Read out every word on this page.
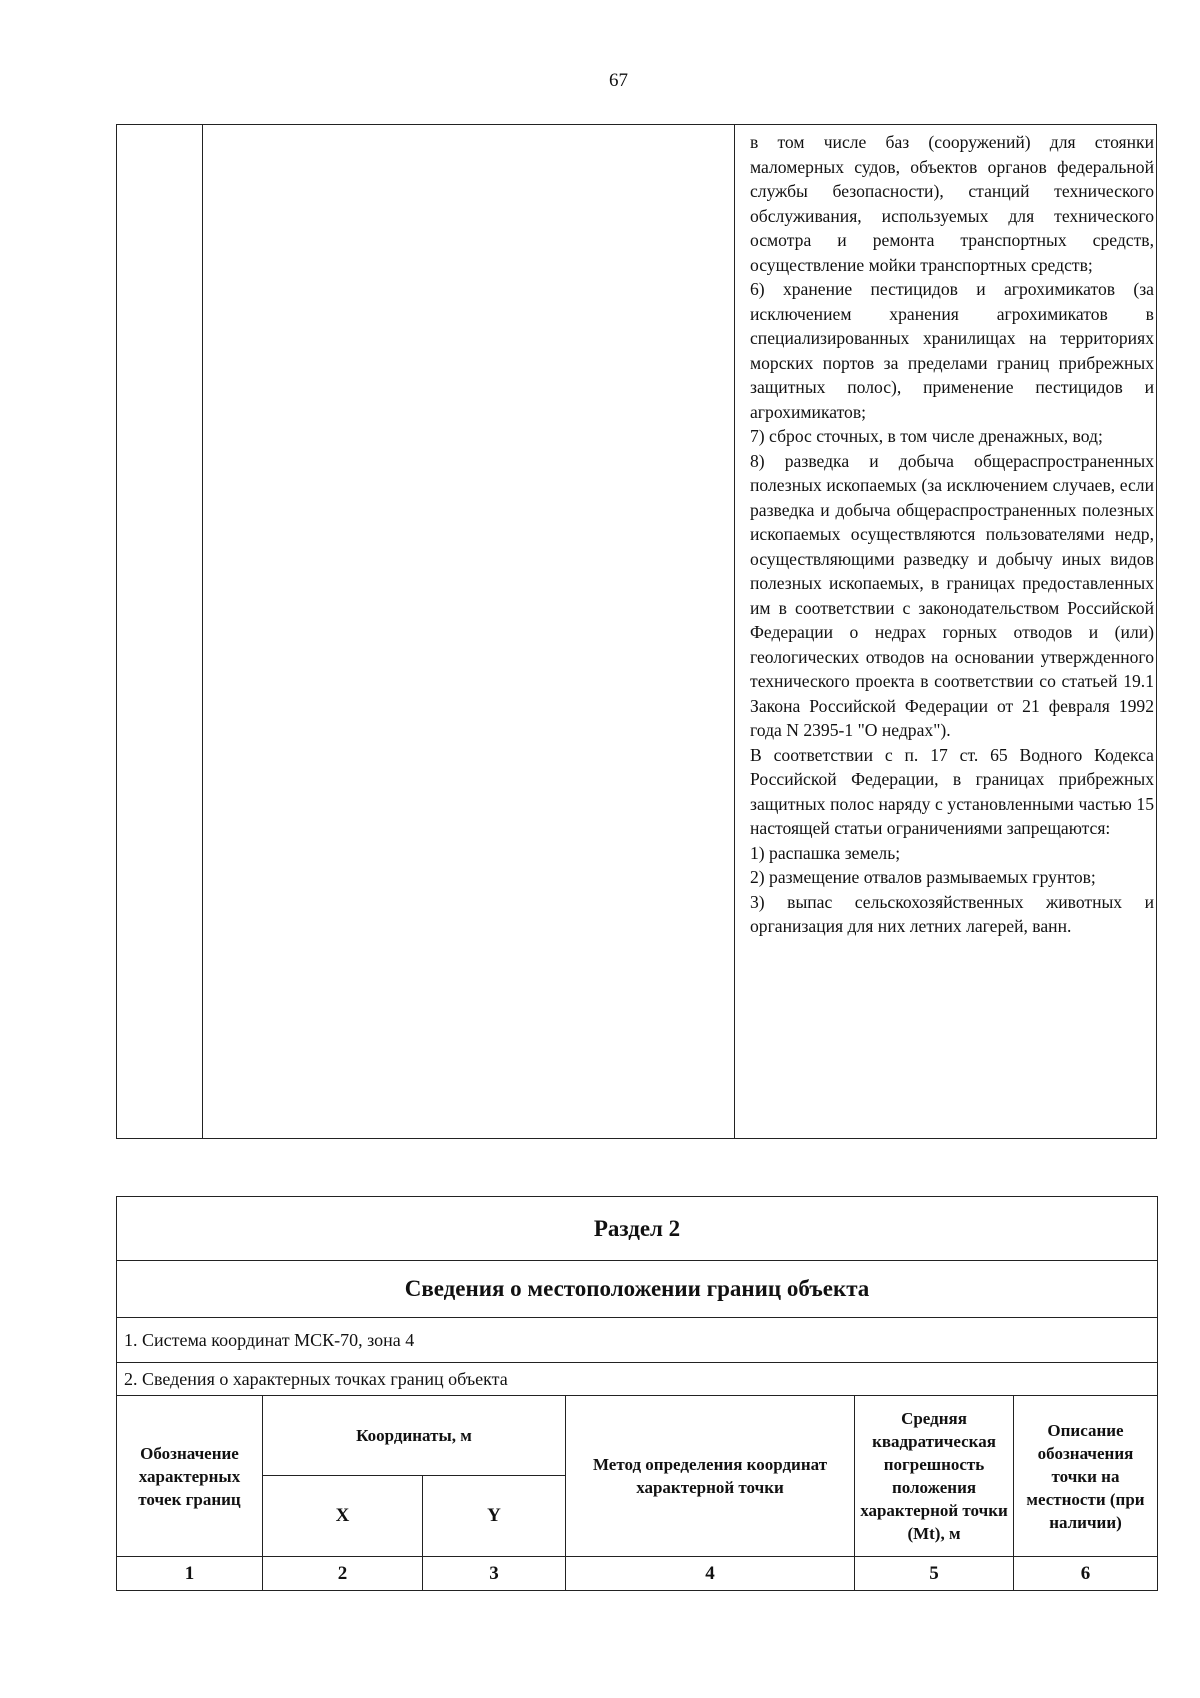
67

в том числе баз (сооружений) для стоянки маломерных судов, объектов органов федеральной службы безопасности), станций технического обслуживания, используемых для технического осмотра и ремонта транспортных средств, осуществление мойки транспортных средств;

6) хранение пестицидов и агрохимикатов (за исключением хранения агрохимикатов в специализированных хранилищах на территориях морских портов за пределами границ прибрежных защитных полос), применение пестицидов и агрохимикатов;

7) сброс сточных, в том числе дренажных, вод;

8) разведка и добыча общераспространенных полезных ископаемых (за исключением случаев, если разведка и добыча общераспространенных полезных ископаемых осуществляются пользователями недр, осуществляющими разведку и добычу иных видов полезных ископаемых, в границах предоставленных им в соответствии с законодательством Российской Федерации о недрах горных отводов и (или) геологических отводов на основании утвержденного технического проекта в соответствии со статьей 19.1 Закона Российской Федерации от 21 февраля 1992 года N 2395-1 "О недрах").

В соответствии с п. 17 ст. 65 Водного Кодекса Российской Федерации, в границах прибрежных защитных полос наряду с установленными частью 15 настоящей статьи ограничениями запрещаются:

1) распашка земель;

2) размещение отвалов размываемых грунтов;

3) выпас сельскохозяйственных животных и организация для них летних лагерей, ванн.

Раздел 2					
Сведения о местоположении границ объекта					
1. Система координат МСК-70, зона 4					
2. Сведения о характерных точках границ объекта					
Обозначение характерных точек границ	Координаты, м		Метод определения координат характерной точки	Средняя квадратическая погрешность положения характерной точки (Mt), м	Описание обозначения точки на местности (при наличии)
	X	Y			
1	2	3	4	5	6
